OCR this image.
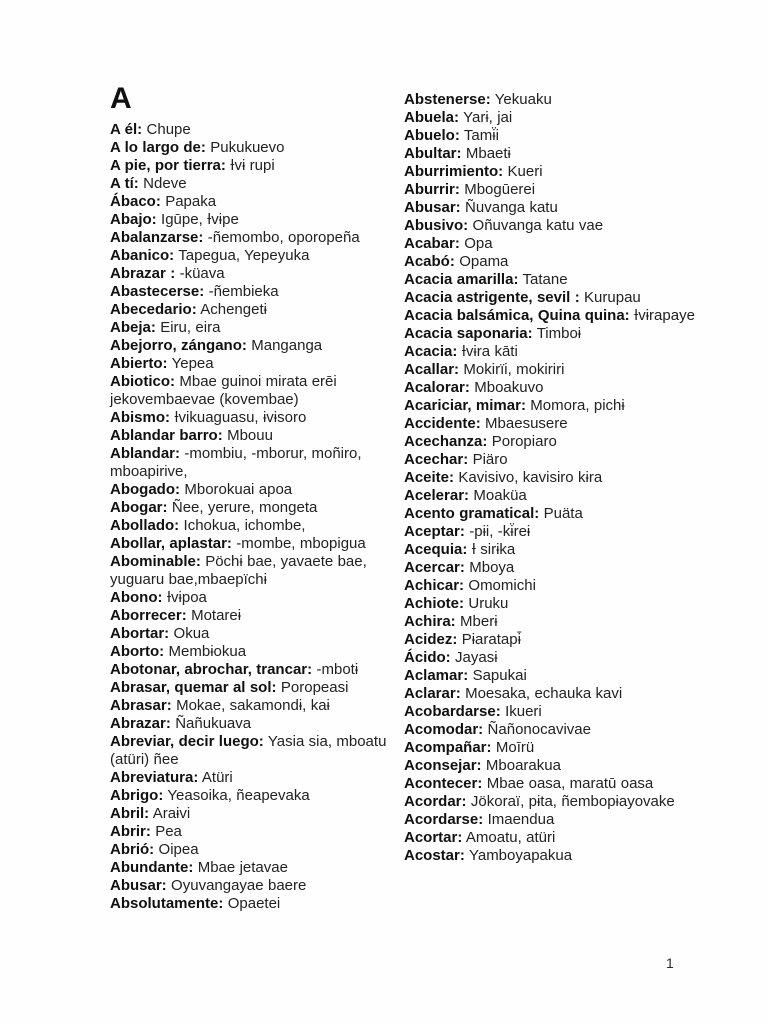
A

A él: Chupe

A lo largo de: Pukukuevo

A pie, por tierra: Ɨvɨ rupi

A tí: Ndeve

Ábaco: Papaka

Abajo: Igūpe, Ɨvɨpe

Abalanzarse: -ñemombo, oporopeña

Abanico: Tapegua, Yepeyuka

Abrazar : -küava

Abastecerse: -ñembieka

Abecedario: Achengetɨ

Abeja: Eiru, eira

Abejorro, zángano: Manganga

Abierto: Yepea

Abiotico: Mbae guinoi mirata erēi jekovembaevae (kovembae)

Abismo: Ɨvikuaguasu, ɨvɨsoro

Ablandar barro: Mbouu

Ablandar: -mombiu, -mborur, moñiro, mboapirive,

Abogado: Mborokuai apoa

Abogar: Ñee, yerure, mongeta

Abollado: Ichokua, ichombe,

Abollar, aplastar: -mombe, mbopigua

Abominable: Pöchɨ bae, yavaete bae, yuguaru bae,mbaepïchɨ

Abono: Ɨvɨpoa

Aborrecer: Motareɨ

Abortar: Okua

Aborto: Membɨokua

Abotonar, abrochar, trancar: -mbotɨ

Abrasar, quemar al sol: Poropeasi

Abrasar: Mokae, sakamondɨ, kaɨ

Abrazar: Ñañukuava

Abreviar, decir luego: Yasia sia, mboatu (atüri) ñee

Abreviatura: Atüri

Abrigo: Yeasoika, ñeapevaka

Abril: Araɨvi

Abrir: Pea

Abrió: Oipea

Abundante: Mbae jetavae

Abusar: Oyuvangayae baere

Absolutamente: Opaetei

Abstenerse: Yekuaku

Abuela: Yarɨ, jai

Abuelo: Tamɨ̈i

Abultar: Mbaetɨ

Aburrimiento: Kueri

Aburrir: Mbogūerei

Abusar: Ñuvanga katu

Abusivo: Oñuvanga katu vae

Acabar: Opa

Acabó: Opama

Acacia amarilla: Tatane

Acacia astrigente, sevil : Kurupau

Acacia balsámica, Quina quina: Ɨvɨrapaye

Acacia saponaria: Timboɨ

Acacia: Ɨvɨra kāti

Acallar: Mokirïi, mokiriri

Acalorar: Mboakuvo

Acariciar, mimar: Momora, pichɨ

Accidente: Mbaesusere

Acechanza: Poropiaro

Acechar: Piäro

Aceite: Kavisivo, kavisiro kɨra

Acelerar: Moaküa

Acento gramatical: Puäta

Aceptar: -pɨi, -kɨ̈reɨ

Acequia: Ɨ sirɨka

Acercar: Mboya

Achicar: Omomichi

Achiote: Uruku

Achira: Mberɨ

Acidez: Pɨaratapɨ̄

Ácido: Jayasɨ

Aclamar: Sapukai

Aclarar: Moesaka, echauka kavi

Acobardarse: Ikueri

Acomodar: Ñañonocavivae

Acompañar: Moīrü

Aconsejar: Mboarakua

Acontecer: Mbae oasa, maratū oasa

Acordar: Jökoraï, pɨta, ñembopɨayovake

Acordarse: Imaendua

Acortar: Amoatu, atüri

Acostar: Yamboyapakua

1
